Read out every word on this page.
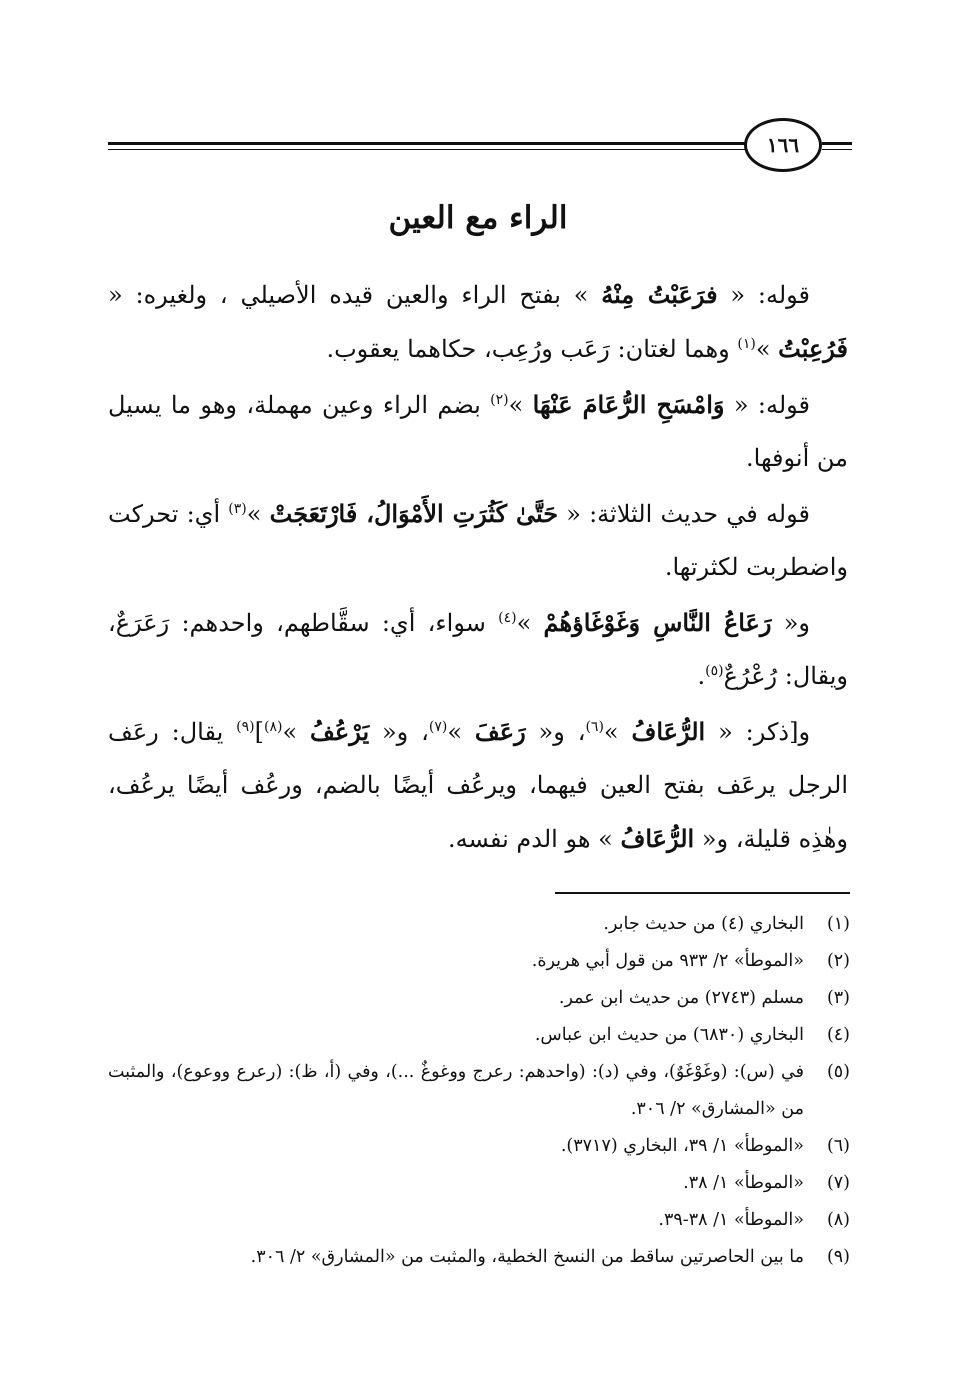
١٦٦
الراء مع العين

قوله: « فرَعَبْتُ مِنْهُ » بفتح الراء والعين قيده الأصيلي ، ولغيره: « فَرُعِبْتُ »$^{(١)}$ وهما لغتان: رَعَب ورُعِب، حكاهما يعقوب.

قوله: « وَامْسَحِ الرُّعَامَ عَنْهَا »$^{(٢)}$ بضم الراء وعين مهملة، وهو ما يسيل من أنوفها.

قوله في حديث الثلاثة: « حَتَّىٰ كَثُرَتِ الأَمْوَالُ، فَارْتَعَجَتْ »$^{(٣)}$ أي: تحركت واضطربت لكثرتها.

و« رَعَاعُ النَّاسِ وَغَوْغَاؤهُمْ »$^{(٤)}$ سواء، أي: سقَّاطهم، واحدهم: رَعَرَعٌ، ويقال: رُعْرُعٌ$^{(٥)}$.

و[ذكر: « الرُّعَافُ »$^{(٦)}$، و« رَعَفَ »$^{(٧)}$، و« يَرْعُفُ »$^{(٨)}$]$^{(٩)}$ يقال: رعَف الرجل يرعَف بفتح العين فيهما، ويرعُف أيضًا بالضم، ورعُف أيضًا يرعُف، وهٰذِه قليلة، و« الرُّعَافُ » هو الدم نفسه.

(١)
البخاري (٤) من حديث جابر.
(٢)
«الموطأ» ٢/ ٩٣٣ من قول أبي هريرة.
(٣)
مسلم (٢٧٤٣) من حديث ابن عمر.
(٤)
البخاري (٦٨٣٠) من حديث ابن عباس.
(٥)
في (س): (وغَوْغَوٌ)، وفي (د): (واحدهم: رعرج ووغوغٌ ...)، وفي (أ، ظ): (رعرع ووعوع)، والمثبت من «المشارق» ٢/ ٣٠٦.
(٦)
«الموطأ» ١/ ٣٩، البخاري (٣٧١٧).
(٧)
«الموطأ» ١/ ٣٨.
(٨)
«الموطأ» ١/ ٣٨-٣٩.
(٩)
ما بين الحاصرتين ساقط من النسخ الخطية، والمثبت من «المشارق» ٢/ ٣٠٦.
